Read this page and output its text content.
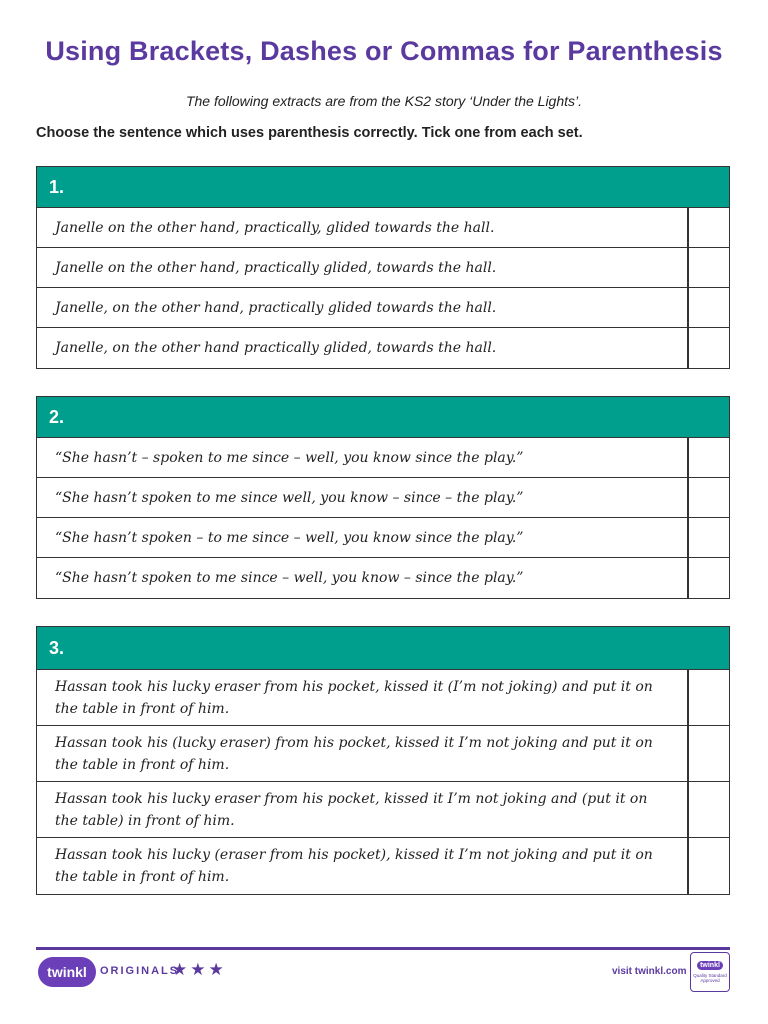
Using Brackets, Dashes or Commas for Parenthesis
The following extracts are from the KS2 story ‘Under the Lights’.
Choose the sentence which uses parenthesis correctly. Tick one from each set.
1.
Janelle on the other hand, practically, glided towards the hall.
Janelle on the other hand, practically glided, towards the hall.
Janelle, on the other hand, practically glided towards the hall.
Janelle, on the other hand practically glided, towards the hall.
2.
“She hasn’t – spoken to me since – well, you know since the play.”
“She hasn’t spoken to me since well, you know – since – the play.”
“She hasn’t spoken – to me since – well, you know since the play.”
“She hasn’t spoken to me since – well, you know – since the play.”
3.
Hassan took his lucky eraser from his pocket, kissed it (I’m not joking) and put it on the table in front of him.
Hassan took his (lucky eraser) from his pocket, kissed it I’m not joking and put it on the table in front of him.
Hassan took his lucky eraser from his pocket, kissed it I’m not joking and (put it on the table) in front of him.
Hassan took his lucky (eraser from his pocket), kissed it I’m not joking and put it on the table in front of him.
twinkl	ORIGINALS
★★★	visit twinkl.com
twinkl
Quality Standard Approved
